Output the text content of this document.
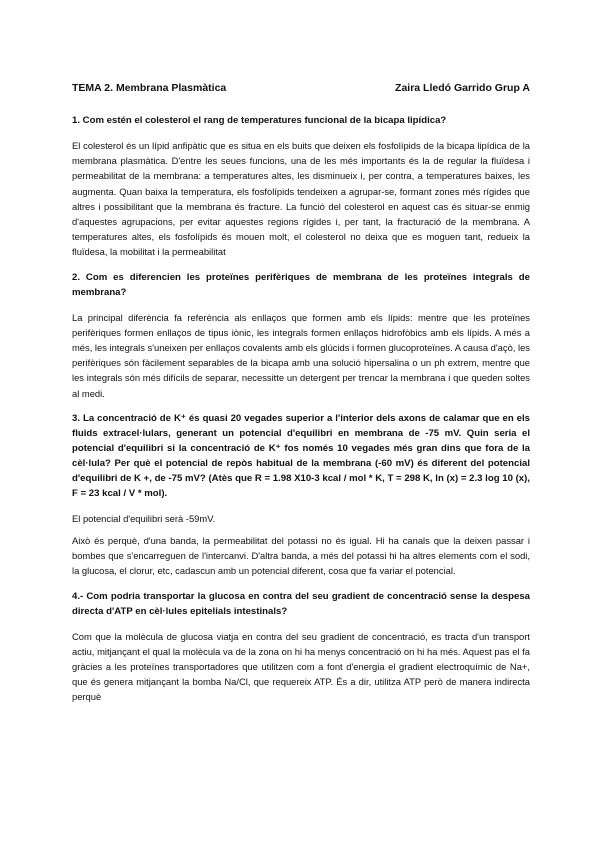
TEMA 2. Membrana Plasmàtica	Zaira Lledó Garrido Grup A
1. Com estén el colesterol el rang de temperatures funcional de la bicapa lipídica?
El colesterol és un lípid anfipàtic que es situa en els buits que deixen els fosfolípids de la bicapa lipídica de la membrana plasmàtica. D'entre les seues funcions, una de les més importants és la de regular la fluïdesa i permeabilitat de la membrana: a temperatures altes, les disminueix i, per contra, a temperatures baixes, les augmenta. Quan baixa la temperatura, els fosfolípids tendeixen a agrupar-se, formant zones més rígides que altres i possibilitant que la membrana és fracture. La funció del colesterol en aquest cas és situar-se enmig d'aquestes agrupacions, per evitar aquestes regions rígides i, per tant, la fracturació de la membrana. A temperatures altes, els fosfolípids és mouen molt, el colesterol no deixa que es moguen tant, redueix la fluïdesa, la mobilitat i la permeabilitat
2. Com es diferencien les proteïnes perifèriques de membrana de les proteïnes integrals de membrana?
La principal diferència fa referència als enllaços que formen amb els lípids: mentre que les proteïnes perifèriques formen enllaços de tipus iònic, les integrals formen enllaços hidrofòbics amb els lípids. A més a més, les integrals s'uneixen per enllaços covalents amb els glúcids i formen glucoproteïnes. A causa d'açò, les perifèriques són fàcilement separables de la bicapa amb una solució hipersalina o un ph extrem, mentre que les integrals són més difícils de separar, necessitte un detergent per trencar la membrana i que queden soltes al medi.
3. La concentració de K⁺ és quasi 20 vegades superior a l'interior dels axons de calamar que en els fluids extracel·lulars, generant un potencial d'equilibri en membrana de -75 mV. Quin seria el potencial d'equilibri si la concentració de K⁺ fos només 10 vegades més gran dins que fora de la cèl·lula? Per què el potencial de repòs habitual de la membrana (-60 mV) és diferent del potencial d'equilibri de K +, de -75 mV? (Atès que R = 1.98 X10-3 kcal / mol * K, T = 298 K, ln (x) = 2.3 log 10 (x), F = 23 kcal / V * mol).
El potencial d'equilibri serà -59mV.
Això és perquè, d'una banda, la permeabilitat del potassi no és igual. Hi ha canals que la deixen passar i bombes que s'encarreguen de l'intercanvi. D'altra banda, a més del potassi hi ha altres elements com el sodi, la glucosa, el clorur, etc, cadascun amb un potencial diferent, cosa que fa variar el potencial.
4.- Com podria transportar la glucosa en contra del seu gradient de concentració sense la despesa directa d'ATP en cèl·lules epitelials intestinals?
Com que la molècula de glucosa viatja en contra del seu gradient de concentració, es tracta d'un transport actiu, mitjançant el qual la molècula va de la zona on hi ha menys concentració on hi ha més. Aquest pas el fa gràcies a les proteïnes transportadores que utilitzen com a font d'energia el gradient electroquímic de Na+, que és genera mitjançant la bomba Na/Cl, que requereix ATP. És a dir, utilitza ATP però de manera indirecta perquè
